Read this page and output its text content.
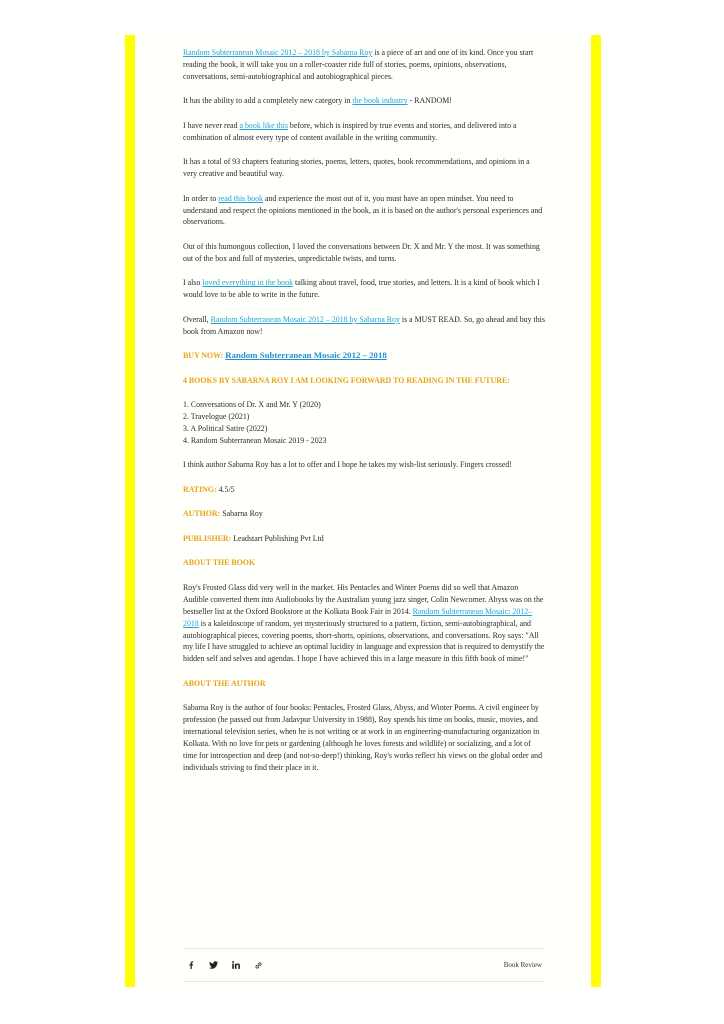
Random Subterranean Mosaic 2012 – 2018 by Sabarna Roy is a piece of art and one of its kind. Once you start reading the book, it will take you on a roller-coaster ride full of stories, poems, opinions, observations, conversations, semi-autobiographical and autobiographical pieces.

It has the ability to add a completely new category in the book industry - RANDOM!

I have never read a book like this before, which is inspired by true events and stories, and delivered into a combination of almost every type of content available in the writing community.

It has a total of 93 chapters featuring stories, poems, letters, quotes, book recommendations, and opinions in a very creative and beautiful way.

In order to read this book and experience the most out of it, you must have an open mindset. You need to understand and respect the opinions mentioned in the book, as it is based on the author's personal experiences and observations.

Out of this humongous collection, I loved the conversations between Dr. X and Mr. Y the most. It was something out of the box and full of mysteries, unpredictable twists, and turns.

I also loved everything in the book talking about travel, food, true stories, and letters. It is a kind of book which I would love to be able to write in the future.

Overall, Random Subterranean Mosaic 2012 – 2018 by Sabarna Roy is a MUST READ. So, go ahead and buy this book from Amazon now!

BUY NOW: Random Subterranean Mosaic 2012 – 2018

4 BOOKS BY SABARNA ROY I AM LOOKING FORWARD TO READING IN THE FUTURE:
1. Conversations of Dr. X and Mr. Y (2020)
2. Travelogue (2021)
3. A Political Satire (2022)
4. Random Subterranean Mosaic 2019 - 2023

I think author Sabarna Roy has a lot to offer and I hope he takes my wish-list seriously. Fingers crossed!

RATING: 4.5/5

AUTHOR: Sabarna Roy

PUBLISHER: Leadstart Publishing Pvt Ltd

ABOUT THE BOOK

Roy's Frosted Glass did very well in the market. His Pentacles and Winter Poems did so well that Amazon Audible converted them into Audiobooks by the Australian young jazz singer, Colin Newcomer. Abyss was on the bestseller list at the Oxford Bookstore at the Kolkata Book Fair in 2014. Random Subterranean Mosaic: 2012–2018 is a kaleidoscope of random, yet mysteriously structured to a pattern, fiction, semi-autobiographical, and autobiographical pieces, covering poems, short-shorts, opinions, observations, and conversations. Roy says: "All my life I have struggled to achieve an optimal lucidity in language and expression that is required to demystify the hidden self and selves and agendas. I hope I have achieved this in a large measure in this fifth book of mine!"

ABOUT THE AUTHOR

Sabarna Roy is the author of four books: Pentacles, Frosted Glass, Abyss, and Winter Poems. A civil engineer by profession (he passed out from Jadavpur University in 1988), Roy spends his time on books, music, movies, and international television series, when he is not writing or at work in an engineering-manufacturing organization in Kolkata. With no love for pets or gardening (although he loves forests and wildlife) or socializing, and a lot of time for introspection and deep (and not-so-deep!) thinking, Roy's works reflect his views on the global order and individuals striving to find their place in it.

Book Review
